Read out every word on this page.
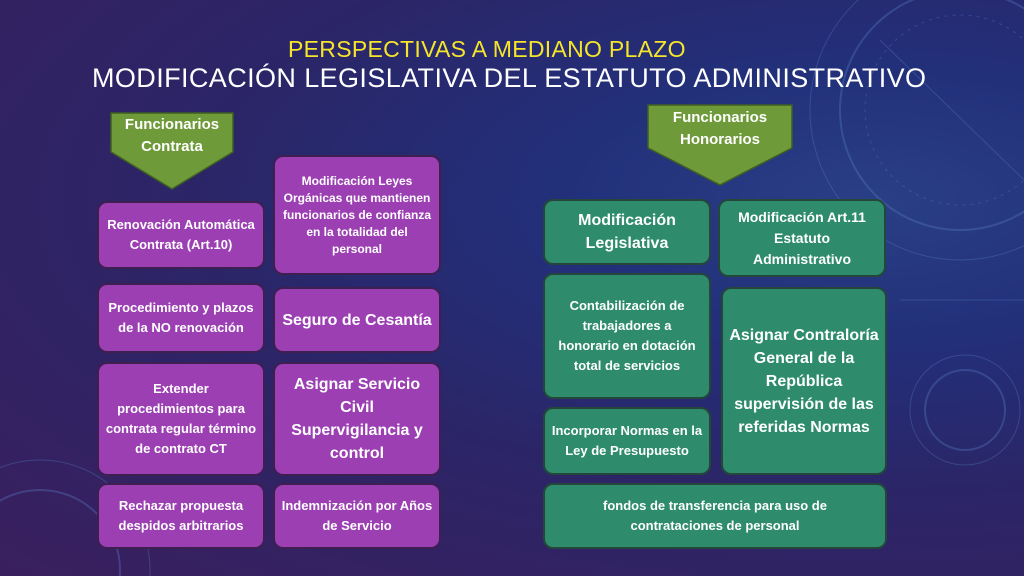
PERSPECTIVAS A MEDIANO PLAZO
MODIFICACIÓN LEGISLATIVA DEL ESTATUTO ADMINISTRATIVO
Funcionarios
Contrata
Funcionarios
Honorarios
Renovación Automática Contrata (Art.10)
Procedimiento y plazos de la NO renovación
Extender procedimientos para contrata regular término de contrato CT
Rechazar propuesta despidos arbitrarios
Modificación Leyes Orgánicas que mantienen funcionarios de confianza en la totalidad del personal
Seguro de Cesantía
Asignar Servicio Civil Supervigilancia y control
Indemnización por Años de Servicio
Modificación Legislativa
Contabilización de trabajadores a honorario en dotación total de servicios
Incorporar Normas en la Ley de Presupuesto
Modificación Art.11 Estatuto Administrativo
Asignar Contraloría General de la República supervisión de las referidas Normas
fondos de transferencia para uso de contrataciones de personal
